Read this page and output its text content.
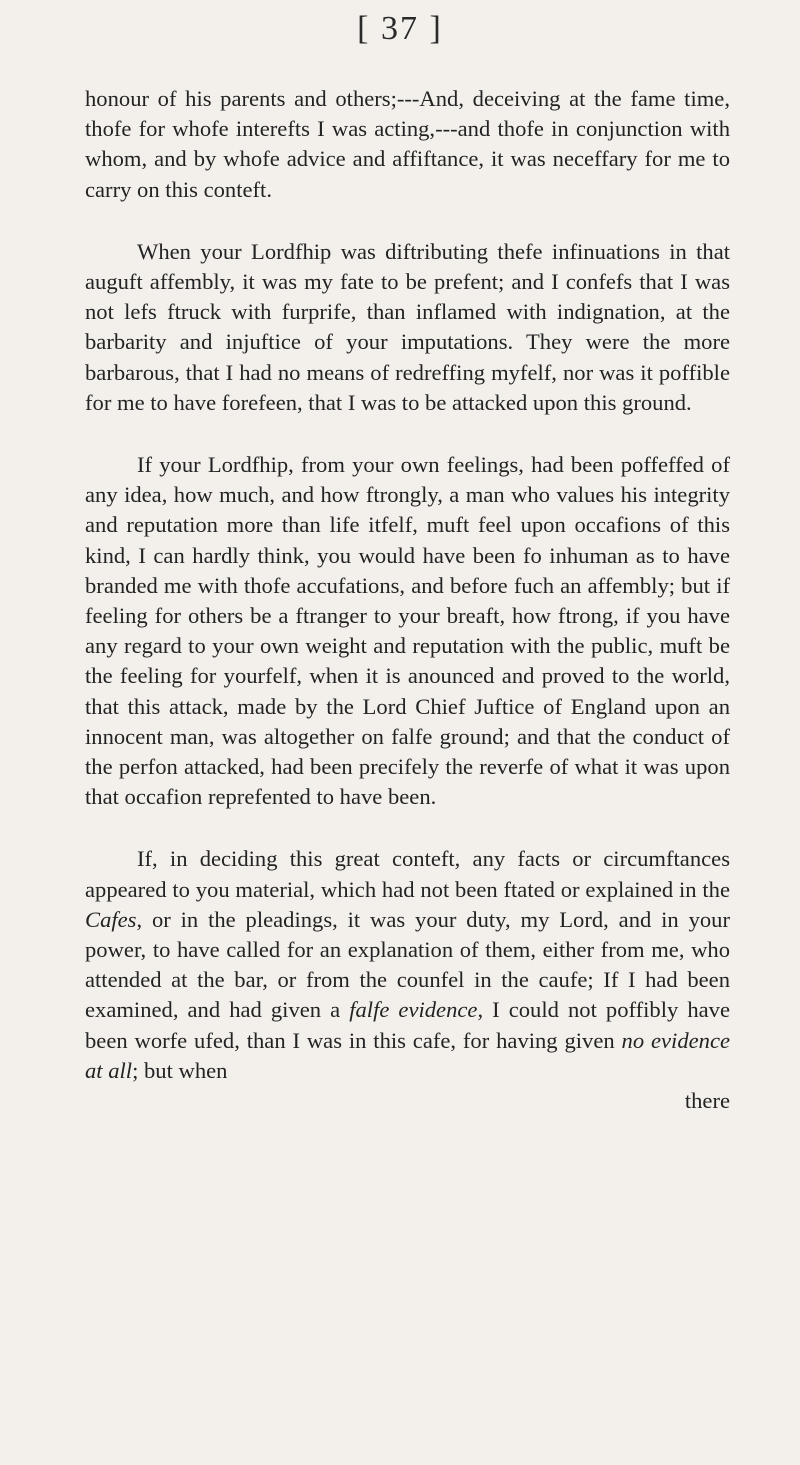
[ 37 ]

honour of his parents and others;---And, deceiving at the fame time, thofe for whofe interefts I was acting,---and thofe in conjunction with whom, and by whofe advice and affiftance, it was neceffary for me to carry on this conteft.

When your Lordfhip was diftributing thefe infinuations in that auguft affembly, it was my fate to be prefent; and I confefs that I was not lefs ftruck with furprife, than inflamed with indignation, at the barbarity and injuftice of your imputations. They were the more barbarous, that I had no means of redreffing myfelf, nor was it poffible for me to have forefeen, that I was to be attacked upon this ground.

If your Lordfhip, from your own feelings, had been poffeffed of any idea, how much, and how ftrongly, a man who values his integrity and reputation more than life itfelf, muft feel upon occafions of this kind, I can hardly think, you would have been fo inhuman as to have branded me with thofe accufations, and before fuch an affembly; but if feeling for others be a ftranger to your breaft, how ftrong, if you have any regard to your own weight and reputation with the public, muft be the feeling for yourfelf, when it is anounced and proved to the world, that this attack, made by the Lord Chief Juftice of England upon an innocent man, was altogether on falfe ground; and that the conduct of the perfon attacked, had been precifely the reverfe of what it was upon that occafion reprefented to have been.

If, in deciding this great conteft, any facts or circumftances appeared to you material, which had not been ftated or explained in the Cafes, or in the pleadings, it was your duty, my Lord, and in your power, to have called for an explanation of them, either from me, who attended at the bar, or from the counfel in the caufe; If I had been examined, and had given a falfe evidence, I could not poffibly have been worfe ufed, than I was in this cafe, for having given no evidence at all; but when

there
